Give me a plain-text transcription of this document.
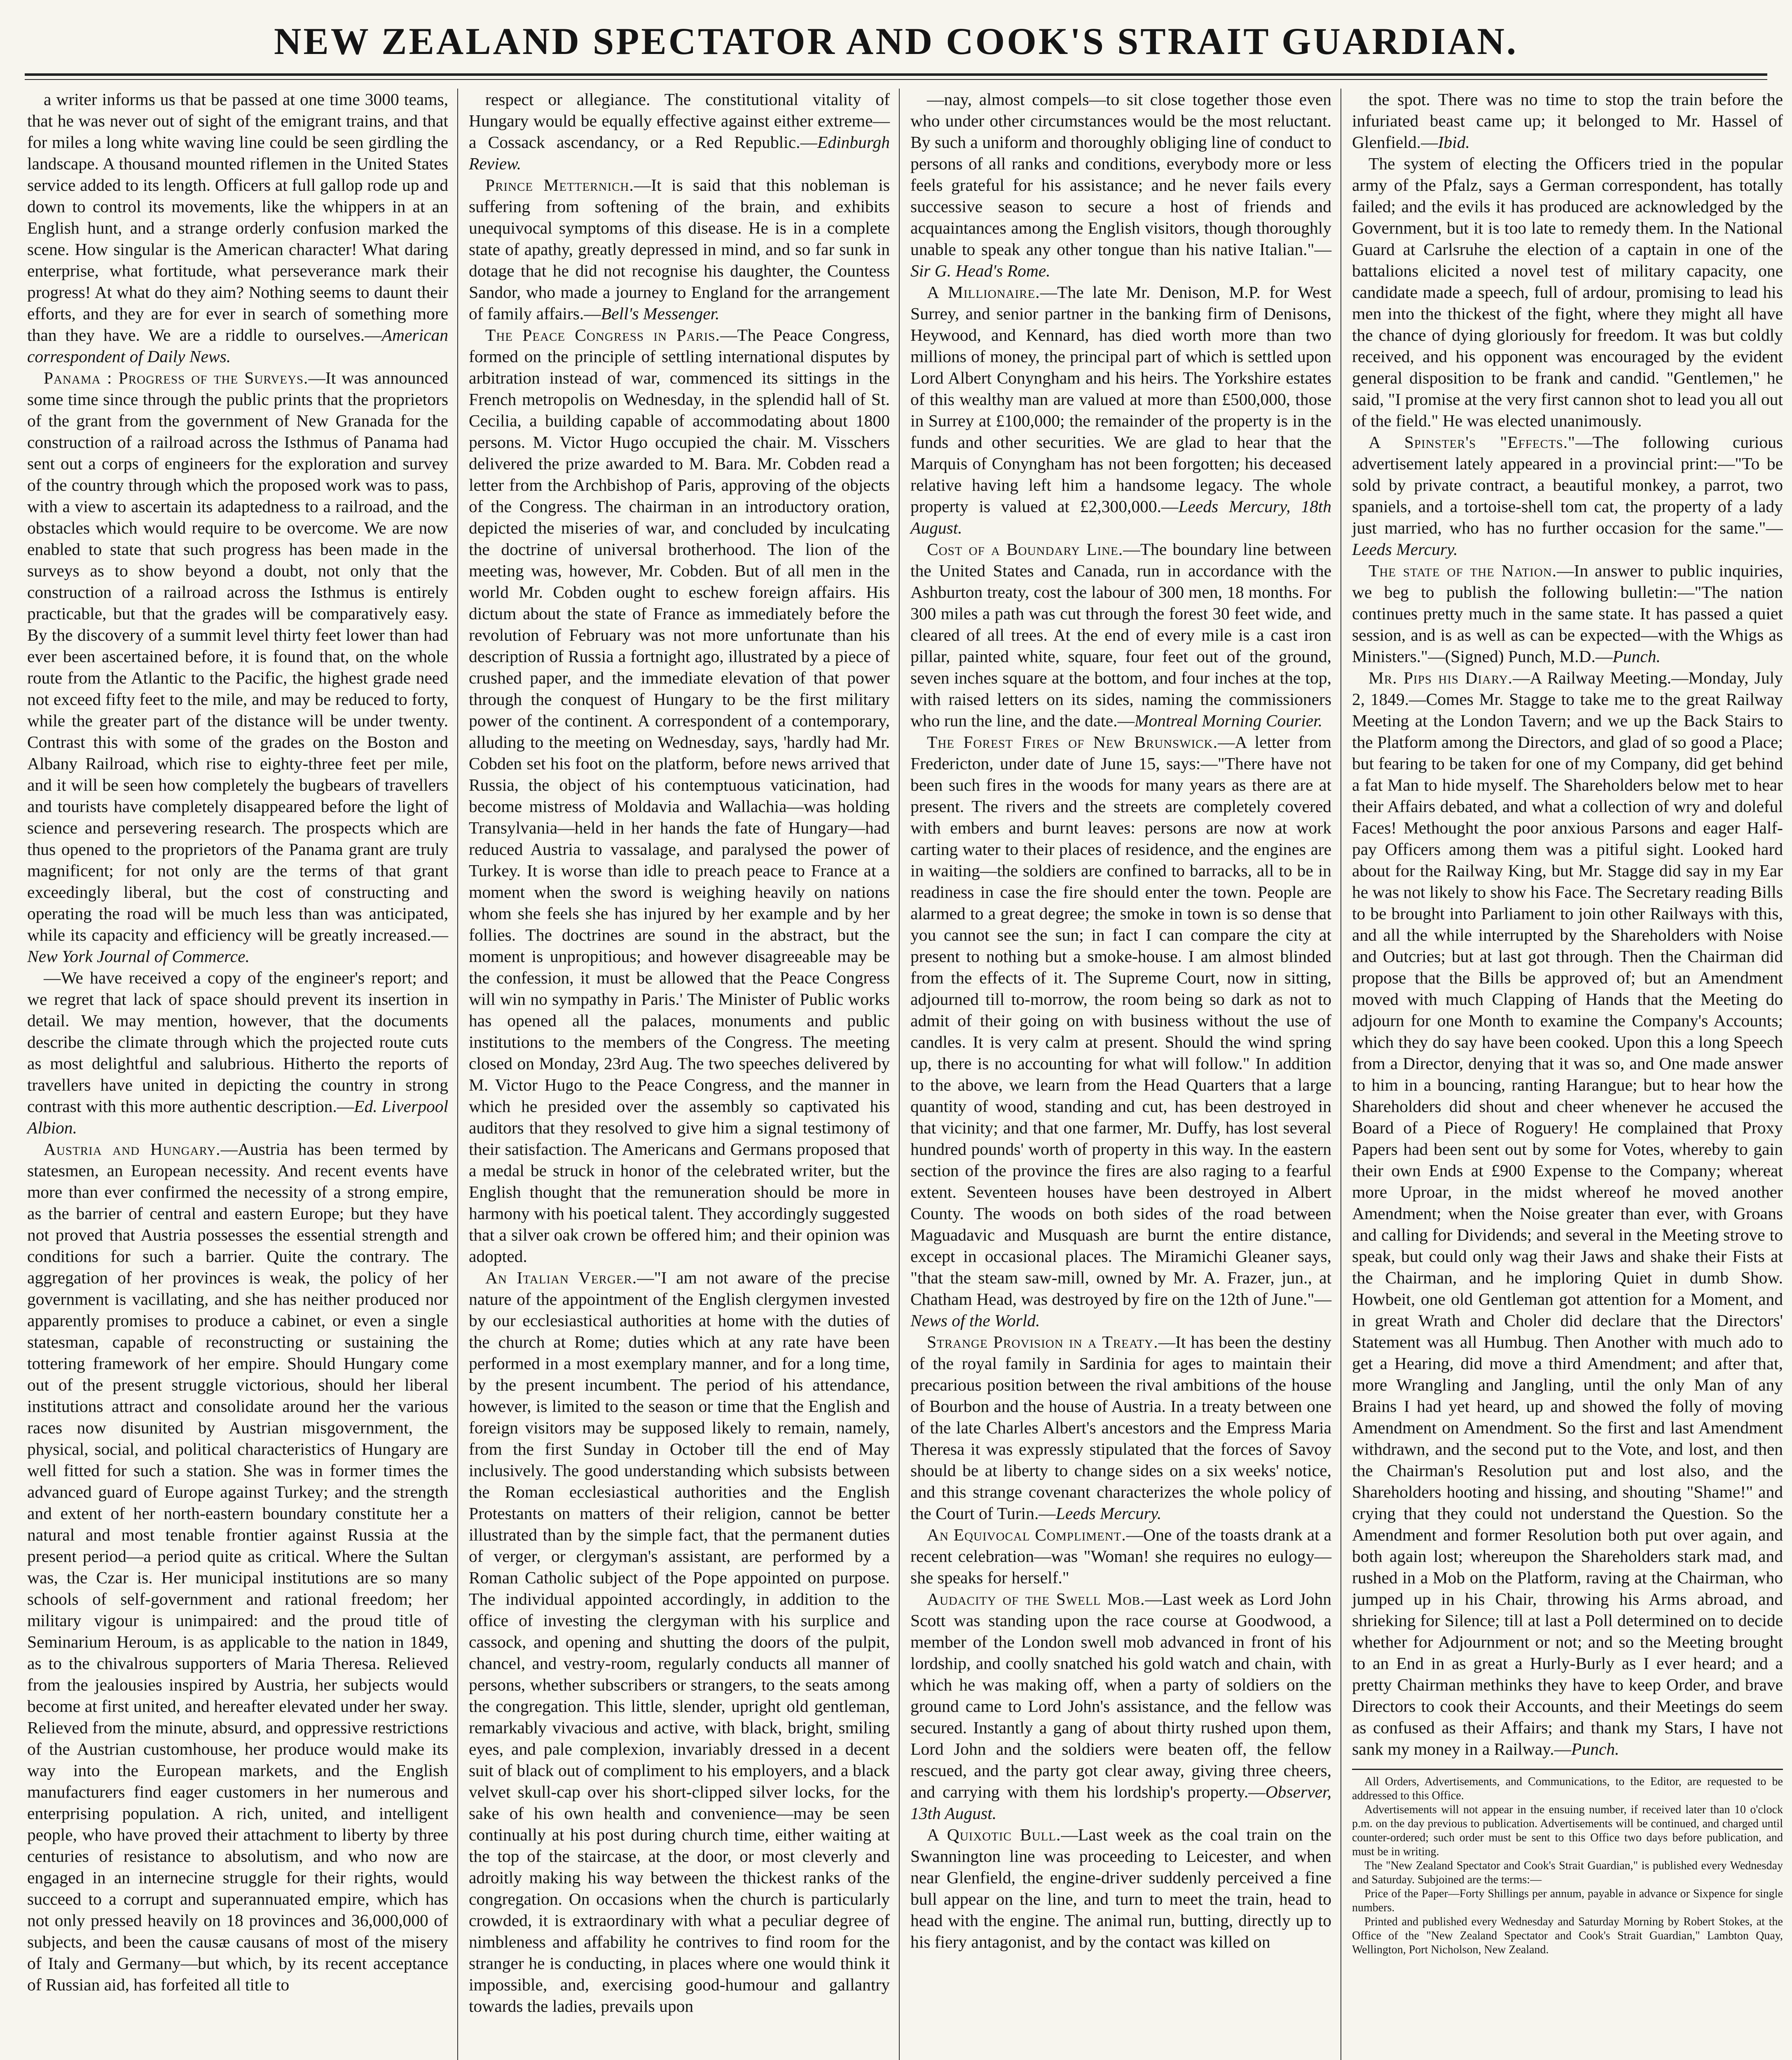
NEW ZEALAND SPECTATOR AND COOK'S STRAIT GUARDIAN.

a writer informs us that be passed at one time 3000 teams, that he was never out of sight of the emigrant trains, and that for miles a long white waving line could be seen girdling the landscape. A thousand mounted riflemen in the United States service added to its length. Officers at full gallop rode up and down to control its movements, like the whippers in at an English hunt, and a strange orderly confusion marked the scene. How singular is the American character! What daring enterprise, what fortitude, what perseverance mark their progress! At what do they aim? Nothing seems to daunt their efforts, and they are for ever in search of something more than they have. We are a riddle to ourselves.—American correspondent of Daily News.

Panama : Progress of the Surveys.—It was announced some time since through the public prints that the proprietors of the grant from the government of New Granada for the construction of a railroad across the Isthmus of Panama had sent out a corps of engineers for the exploration and survey of the country through which the proposed work was to pass, with a view to ascertain its adaptedness to a railroad, and the obstacles which would require to be overcome. We are now enabled to state that such progress has been made in the surveys as to show beyond a doubt, not only that the construction of a railroad across the Isthmus is entirely practicable, but that the grades will be comparatively easy. By the discovery of a summit level thirty feet lower than had ever been ascertained before, it is found that, on the whole route from the Atlantic to the Pacific, the highest grade need not exceed fifty feet to the mile, and may be reduced to forty, while the greater part of the distance will be under twenty. Contrast this with some of the grades on the Boston and Albany Railroad, which rise to eighty-three feet per mile, and it will be seen how completely the bugbears of travellers and tourists have completely disappeared before the light of science and persevering research. The prospects which are thus opened to the proprietors of the Panama grant are truly magnificent; for not only are the terms of that grant exceedingly liberal, but the cost of constructing and operating the road will be much less than was anticipated, while its capacity and efficiency will be greatly increased.—New York Journal of Commerce.

—We have received a copy of the engineer's report; and we regret that lack of space should prevent its insertion in detail. We may mention, however, that the documents describe the climate through which the projected route cuts as most delightful and salubrious. Hitherto the reports of travellers have united in depicting the country in strong contrast with this more authentic description.—Ed. Liverpool Albion.

Austria and Hungary.—Austria has been termed by statesmen, an European necessity. And recent events have more than ever confirmed the necessity of a strong empire, as the barrier of central and eastern Europe; but they have not proved that Austria possesses the essential strength and conditions for such a barrier. Quite the contrary. The aggregation of her provinces is weak, the policy of her government is vacillating, and she has neither produced nor apparently promises to produce a cabinet, or even a single statesman, capable of reconstructing or sustaining the tottering framework of her empire. Should Hungary come out of the present struggle victorious, should her liberal institutions attract and consolidate around her the various races now disunited by Austrian misgovernment, the physical, social, and political characteristics of Hungary are well fitted for such a station. She was in former times the advanced guard of Europe against Turkey; and the strength and extent of her north-eastern boundary constitute her a natural and most tenable frontier against Russia at the present period—a period quite as critical. Where the Sultan was, the Czar is. Her municipal institutions are so many schools of self-government and rational freedom; her military vigour is unimpaired: and the proud title of Seminarium Heroum, is as applicable to the nation in 1849, as to the chivalrous supporters of Maria Theresa. Relieved from the jealousies inspired by Austria, her subjects would become at first united, and hereafter elevated under her sway. Relieved from the minute, absurd, and oppressive restrictions of the Austrian customhouse, her produce would make its way into the European markets, and the English manufacturers find eager customers in her numerous and enterprising population. A rich, united, and intelligent people, who have proved their attachment to liberty by three centuries of resistance to absolutism, and who now are engaged in an internecine struggle for their rights, would succeed to a corrupt and superannuated empire, which has not only pressed heavily on 18 provinces and 36,000,000 of subjects, and been the causæ causans of most of the misery of Italy and Germany—but which, by its recent acceptance of Russian aid, has forfeited all title to

respect or allegiance. The constitutional vitality of Hungary would be equally effective against either extreme—a Cossack ascendancy, or a Red Republic.—Edinburgh Review.

Prince Metternich.—It is said that this nobleman is suffering from softening of the brain, and exhibits unequivocal symptoms of this disease. He is in a complete state of apathy, greatly depressed in mind, and so far sunk in dotage that he did not recognise his daughter, the Countess Sandor, who made a journey to England for the arrangement of family affairs.—Bell's Messenger.

The Peace Congress in Paris.—The Peace Congress, formed on the principle of settling international disputes by arbitration instead of war, commenced its sittings in the French metropolis on Wednesday, in the splendid hall of St. Cecilia, a building capable of accommodating about 1800 persons. M. Victor Hugo occupied the chair. M. Visschers delivered the prize awarded to M. Bara. Mr. Cobden read a letter from the Archbishop of Paris, approving of the objects of the Congress. The chairman in an introductory oration, depicted the miseries of war, and concluded by inculcating the doctrine of universal brotherhood. The lion of the meeting was, however, Mr. Cobden. But of all men in the world Mr. Cobden ought to eschew foreign affairs. His dictum about the state of France as immediately before the revolution of February was not more unfortunate than his description of Russia a fortnight ago, illustrated by a piece of crushed paper, and the immediate elevation of that power through the conquest of Hungary to be the first military power of the continent. A correspondent of a contemporary, alluding to the meeting on Wednesday, says, 'hardly had Mr. Cobden set his foot on the platform, before news arrived that Russia, the object of his contemptuous vaticination, had become mistress of Moldavia and Wallachia—was holding Transylvania—held in her hands the fate of Hungary—had reduced Austria to vassalage, and paralysed the power of Turkey. It is worse than idle to preach peace to France at a moment when the sword is weighing heavily on nations whom she feels she has injured by her example and by her follies. The doctrines are sound in the abstract, but the moment is unpropitious; and however disagreeable may be the confession, it must be allowed that the Peace Congress will win no sympathy in Paris.' The Minister of Public works has opened all the palaces, monuments and public institutions to the members of the Congress. The meeting closed on Monday, 23rd Aug. The two speeches delivered by M. Victor Hugo to the Peace Congress, and the manner in which he presided over the assembly so captivated his auditors that they resolved to give him a signal testimony of their satisfaction. The Americans and Germans proposed that a medal be struck in honor of the celebrated writer, but the English thought that the remuneration should be more in harmony with his poetical talent. They accordingly suggested that a silver oak crown be offered him; and their opinion was adopted.

An Italian Verger.—"I am not aware of the precise nature of the appointment of the English clergymen invested by our ecclesiastical authorities at home with the duties of the church at Rome; duties which at any rate have been performed in a most exemplary manner, and for a long time, by the present incumbent. The period of his attendance, however, is limited to the season or time that the English and foreign visitors may be supposed likely to remain, namely, from the first Sunday in October till the end of May inclusively. The good understanding which subsists between the Roman ecclesiastical authorities and the English Protestants on matters of their religion, cannot be better illustrated than by the simple fact, that the permanent duties of verger, or clergyman's assistant, are performed by a Roman Catholic subject of the Pope appointed on purpose. The individual appointed accordingly, in addition to the office of investing the clergyman with his surplice and cassock, and opening and shutting the doors of the pulpit, chancel, and vestry-room, regularly conducts all manner of persons, whether subscribers or strangers, to the seats among the congregation. This little, slender, upright old gentleman, remarkably vivacious and active, with black, bright, smiling eyes, and pale complexion, invariably dressed in a decent suit of black out of compliment to his employers, and a black velvet skull-cap over his short-clipped silver locks, for the sake of his own health and convenience—may be seen continually at his post during church time, either waiting at the top of the staircase, at the door, or most cleverly and adroitly making his way between the thickest ranks of the congregation. On occasions when the church is particularly crowded, it is extraordinary with what a peculiar degree of nimbleness and affability he contrives to find room for the stranger he is conducting, in places where one would think it impossible, and, exercising good-humour and gallantry towards the ladies, prevails upon

—nay, almost compels—to sit close together those even who under other circumstances would be the most reluctant. By such a uniform and thoroughly obliging line of conduct to persons of all ranks and conditions, everybody more or less feels grateful for his assistance; and he never fails every successive season to secure a host of friends and acquaintances among the English visitors, though thoroughly unable to speak any other tongue than his native Italian."—Sir G. Head's Rome.

A Millionaire.—The late Mr. Denison, M.P. for West Surrey, and senior partner in the banking firm of Denisons, Heywood, and Kennard, has died worth more than two millions of money, the principal part of which is settled upon Lord Albert Conyngham and his heirs. The Yorkshire estates of this wealthy man are valued at more than £500,000, those in Surrey at £100,000; the remainder of the property is in the funds and other securities. We are glad to hear that the Marquis of Conyngham has not been forgotten; his deceased relative having left him a handsome legacy. The whole property is valued at £2,300,000.—Leeds Mercury, 18th August.

Cost of a Boundary Line.—The boundary line between the United States and Canada, run in accordance with the Ashburton treaty, cost the labour of 300 men, 18 months. For 300 miles a path was cut through the forest 30 feet wide, and cleared of all trees. At the end of every mile is a cast iron pillar, painted white, square, four feet out of the ground, seven inches square at the bottom, and four inches at the top, with raised letters on its sides, naming the commissioners who run the line, and the date.—Montreal Morning Courier.

The Forest Fires of New Brunswick.—A letter from Fredericton, under date of June 15, says:—"There have not been such fires in the woods for many years as there are at present. The rivers and the streets are completely covered with embers and burnt leaves: persons are now at work carting water to their places of residence, and the engines are in waiting—the soldiers are confined to barracks, all to be in readiness in case the fire should enter the town. People are alarmed to a great degree; the smoke in town is so dense that you cannot see the sun; in fact I can compare the city at present to nothing but a smoke-house. I am almost blinded from the effects of it. The Supreme Court, now in sitting, adjourned till to-morrow, the room being so dark as not to admit of their going on with business without the use of candles. It is very calm at present. Should the wind spring up, there is no accounting for what will follow." In addition to the above, we learn from the Head Quarters that a large quantity of wood, standing and cut, has been destroyed in that vicinity; and that one farmer, Mr. Duffy, has lost several hundred pounds' worth of property in this way. In the eastern section of the province the fires are also raging to a fearful extent. Seventeen houses have been destroyed in Albert County. The woods on both sides of the road between Maguadavic and Musquash are burnt the entire distance, except in occasional places. The Miramichi Gleaner says, "that the steam saw-mill, owned by Mr. A. Frazer, jun., at Chatham Head, was destroyed by fire on the 12th of June."—News of the World.

Strange Provision in a Treaty.—It has been the destiny of the royal family in Sardinia for ages to maintain their precarious position between the rival ambitions of the house of Bourbon and the house of Austria. In a treaty between one of the late Charles Albert's ancestors and the Empress Maria Theresa it was expressly stipulated that the forces of Savoy should be at liberty to change sides on a six weeks' notice, and this strange covenant characterizes the whole policy of the Court of Turin.—Leeds Mercury.

An Equivocal Compliment.—One of the toasts drank at a recent celebration—was "Woman! she requires no eulogy—she speaks for herself."

Audacity of the Swell Mob.—Last week as Lord John Scott was standing upon the race course at Goodwood, a member of the London swell mob advanced in front of his lordship, and coolly snatched his gold watch and chain, with which he was making off, when a party of soldiers on the ground came to Lord John's assistance, and the fellow was secured. Instantly a gang of about thirty rushed upon them, Lord John and the soldiers were beaten off, the fellow rescued, and the party got clear away, giving three cheers, and carrying with them his lordship's property.—Observer, 13th August.

A Quixotic Bull.—Last week as the coal train on the Swannington line was proceeding to Leicester, and when near Glenfield, the engine-driver suddenly perceived a fine bull appear on the line, and turn to meet the train, head to head with the engine. The animal run, butting, directly up to his fiery antagonist, and by the contact was killed on

the spot. There was no time to stop the train before the infuriated beast came up; it belonged to Mr. Hassel of Glenfield.—Ibid.

The system of electing the Officers tried in the popular army of the Pfalz, says a German correspondent, has totally failed; and the evils it has produced are acknowledged by the Government, but it is too late to remedy them. In the National Guard at Carlsruhe the election of a captain in one of the battalions elicited a novel test of military capacity, one candidate made a speech, full of ardour, promising to lead his men into the thickest of the fight, where they might all have the chance of dying gloriously for freedom. It was but coldly received, and his opponent was encouraged by the evident general disposition to be frank and candid. "Gentlemen," he said, "I promise at the very first cannon shot to lead you all out of the field." He was elected unanimously.

A Spinster's "Effects."—The following curious advertisement lately appeared in a provincial print:—"To be sold by private contract, a beautiful monkey, a parrot, two spaniels, and a tortoise-shell tom cat, the property of a lady just married, who has no further occasion for the same."—Leeds Mercury.

The state of the Nation.—In answer to public inquiries, we beg to publish the following bulletin:—"The nation continues pretty much in the same state. It has passed a quiet session, and is as well as can be expected—with the Whigs as Ministers."—(Signed) Punch, M.D.—Punch.

Mr. Pips his Diary.—A Railway Meeting.—Monday, July 2, 1849.—Comes Mr. Stagge to take me to the great Railway Meeting at the London Tavern; and we up the Back Stairs to the Platform among the Directors, and glad of so good a Place; but fearing to be taken for one of my Company, did get behind a fat Man to hide myself. The Shareholders below met to hear their Affairs debated, and what a collection of wry and doleful Faces! Methought the poor anxious Parsons and eager Half-pay Officers among them was a pitiful sight. Looked hard about for the Railway King, but Mr. Stagge did say in my Ear he was not likely to show his Face. The Secretary reading Bills to be brought into Parliament to join other Railways with this, and all the while interrupted by the Shareholders with Noise and Outcries; but at last got through. Then the Chairman did propose that the Bills be approved of; but an Amendment moved with much Clapping of Hands that the Meeting do adjourn for one Month to examine the Company's Accounts; which they do say have been cooked. Upon this a long Speech from a Director, denying that it was so, and One made answer to him in a bouncing, ranting Harangue; but to hear how the Shareholders did shout and cheer whenever he accused the Board of a Piece of Roguery! He complained that Proxy Papers had been sent out by some for Votes, whereby to gain their own Ends at £900 Expense to the Company; whereat more Uproar, in the midst whereof he moved another Amendment; when the Noise greater than ever, with Groans and calling for Dividends; and several in the Meeting strove to speak, but could only wag their Jaws and shake their Fists at the Chairman, and he imploring Quiet in dumb Show. Howbeit, one old Gentleman got attention for a Moment, and in great Wrath and Choler did declare that the Directors' Statement was all Humbug. Then Another with much ado to get a Hearing, did move a third Amendment; and after that, more Wrangling and Jangling, until the only Man of any Brains I had yet heard, up and showed the folly of moving Amendment on Amendment. So the first and last Amendment withdrawn, and the second put to the Vote, and lost, and then the Chairman's Resolution put and lost also, and the Shareholders hooting and hissing, and shouting "Shame!" and crying that they could not understand the Question. So the Amendment and former Resolution both put over again, and both again lost; whereupon the Shareholders stark mad, and rushed in a Mob on the Platform, raving at the Chairman, who jumped up in his Chair, throwing his Arms abroad, and shrieking for Silence; till at last a Poll determined on to decide whether for Adjournment or not; and so the Meeting brought to an End in as great a Hurly-Burly as I ever heard; and a pretty Chairman methinks they have to keep Order, and brave Directors to cook their Accounts, and their Meetings do seem as confused as their Affairs; and thank my Stars, I have not sank my money in a Railway.—Punch.

All Orders, Advertisements, and Communications, to the Editor, are requested to be addressed to this Office.

Advertisements will not appear in the ensuing number, if received later than 10 o'clock p.m. on the day previous to publication. Advertisements will be continued, and charged until counter-ordered; such order must be sent to this Office two days before publication, and must be in writing.

The "New Zealand Spectator and Cook's Strait Guardian," is published every Wednesday and Saturday. Subjoined are the terms:—

Price of the Paper—Forty Shillings per annum, payable in advance or Sixpence for single numbers.

Printed and published every Wednesday and Saturday Morning by Robert Stokes, at the Office of the "New Zealand Spectator and Cook's Strait Guardian," Lambton Quay, Wellington, Port Nicholson, New Zealand.
